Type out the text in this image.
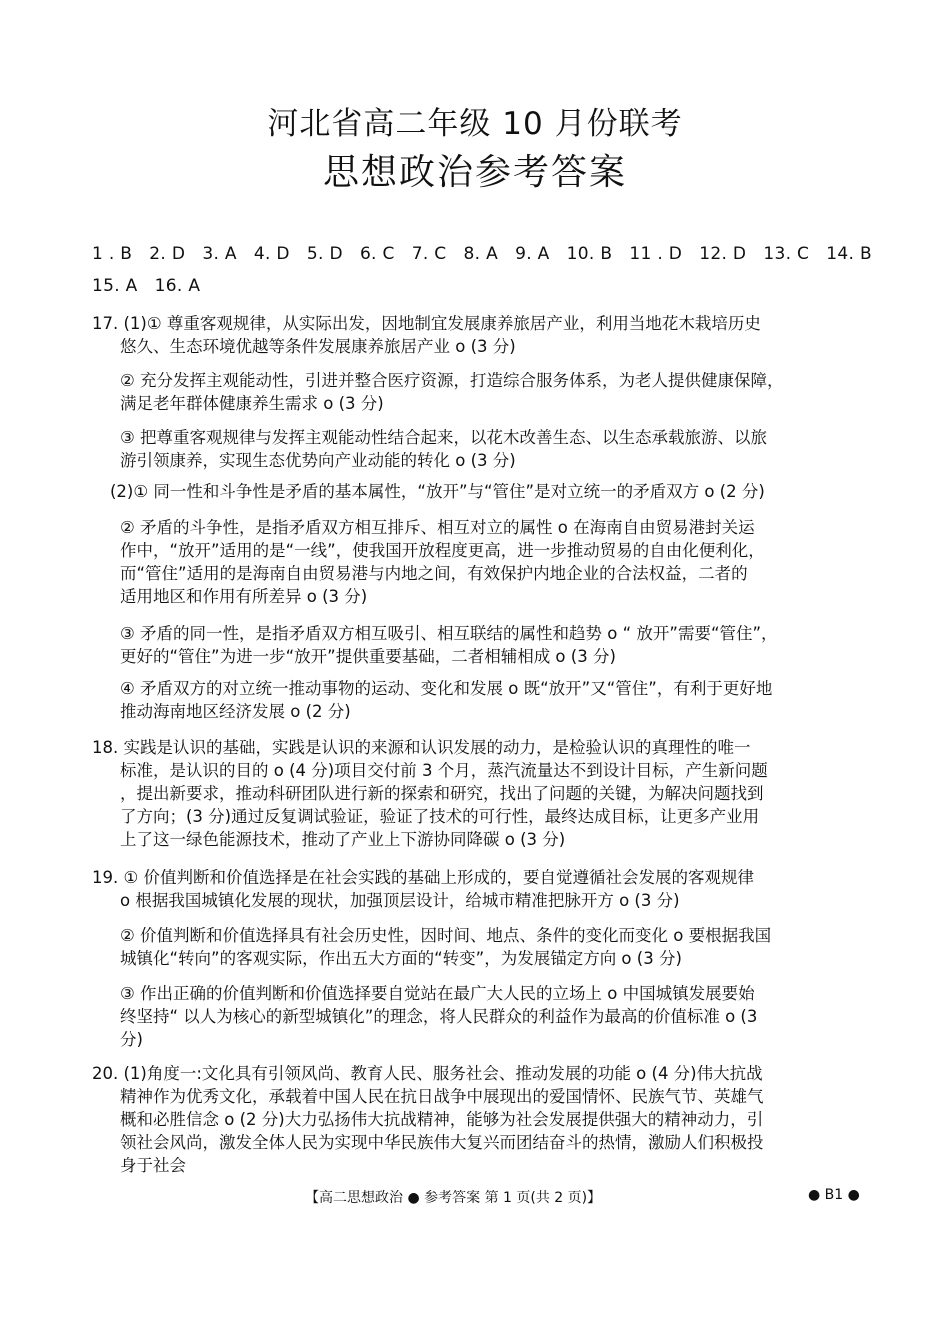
河北省高二年级 10 月份联考
思想政治参考答案
1 . B   2. D   3. A   4. D   5. D   6. C   7. C   8. A   9. A   10. B   11 . D   12. D   13. C   14. B
15. A   16. A
17. (1)① 尊重客观规律，从实际出发，因地制宜发展康养旅居产业，利用当地花木栽培历史
悠久、生态环境优越等条件发展康养旅居产业 o (3 分)
② 充分发挥主观能动性，引进并整合医疗资源，打造综合服务体系，为老人提供健康保障，
满足老年群体健康养生需求 o (3 分)
③ 把尊重客观规律与发挥主观能动性结合起来，以花木改善生态、以生态承载旅游、以旅
游引领康养，实现生态优势向产业动能的转化 o (3 分)
(2)① 同一性和斗争性是矛盾的基本属性，“放开”与“管住”是对立统一的矛盾双方 o (2 分)
② 矛盾的斗争性，是指矛盾双方相互排斥、相互对立的属性 o 在海南自由贸易港封关运
作中，“放开”适用的是“一线”，使我国开放程度更高，进一步推动贸易的自由化便利化，
而“管住”适用的是海南自由贸易港与内地之间，有效保护内地企业的合法权益，二者的
适用地区和作用有所差异 o (3 分)
③ 矛盾的同一性，是指矛盾双方相互吸引、相互联结的属性和趋势 o “ 放开”需要“管住”，
更好的“管住”为进一步“放开”提供重要基础，二者相辅相成 o (3 分)
④ 矛盾双方的对立统一推动事物的运动、变化和发展 o 既“放开”又“管住”，有利于更好地
推动海南地区经济发展 o (2 分)
18. 实践是认识的基础，实践是认识的来源和认识发展的动力，是检验认识的真理性的唯一
标准，是认识的目的 o (4 分)项目交付前 3 个月，蒸汽流量达不到设计目标，产生新问题
，提出新要求，推动科研团队进行新的探索和研究，找出了问题的关键，为解决问题找到
了方向；(3 分)通过反复调试验证，验证了技术的可行性，最终达成目标，让更多产业用
上了这一绿色能源技术，推动了产业上下游协同降碳 o (3 分)
19. ① 价值判断和价值选择是在社会实践的基础上形成的，要自觉遵循社会发展的客观规律
o 根据我国城镇化发展的现状，加强顶层设计，给城市精准把脉开方 o (3 分)
② 价值判断和价值选择具有社会历史性，因时间、地点、条件的变化而变化 o 要根据我国
城镇化“转向”的客观实际，作出五大方面的“转变”，为发展锚定方向 o (3 分)
③ 作出正确的价值判断和价值选择要自觉站在最广大人民的立场上 o 中国城镇发展要始
终坚持“ 以人为核心的新型城镇化”的理念，将人民群众的利益作为最高的价值标准 o (3
分)
20. (1)角度一:文化具有引领风尚、教育人民、服务社会、推动发展的功能 o (4 分)伟大抗战
精神作为优秀文化，承载着中国人民在抗日战争中展现出的爱国情怀、民族气节、英雄气
概和必胜信念 o (2 分)大力弘扬伟大抗战精神，能够为社会发展提供强大的精神动力，引
领社会风尚，激发全体人民为实现中华民族伟大复兴而团结奋斗的热情，激励人们积极投
身于社会
【高二思想政治 ● 参考答案 第 1 页(共 2 页)】	● B1 ●
